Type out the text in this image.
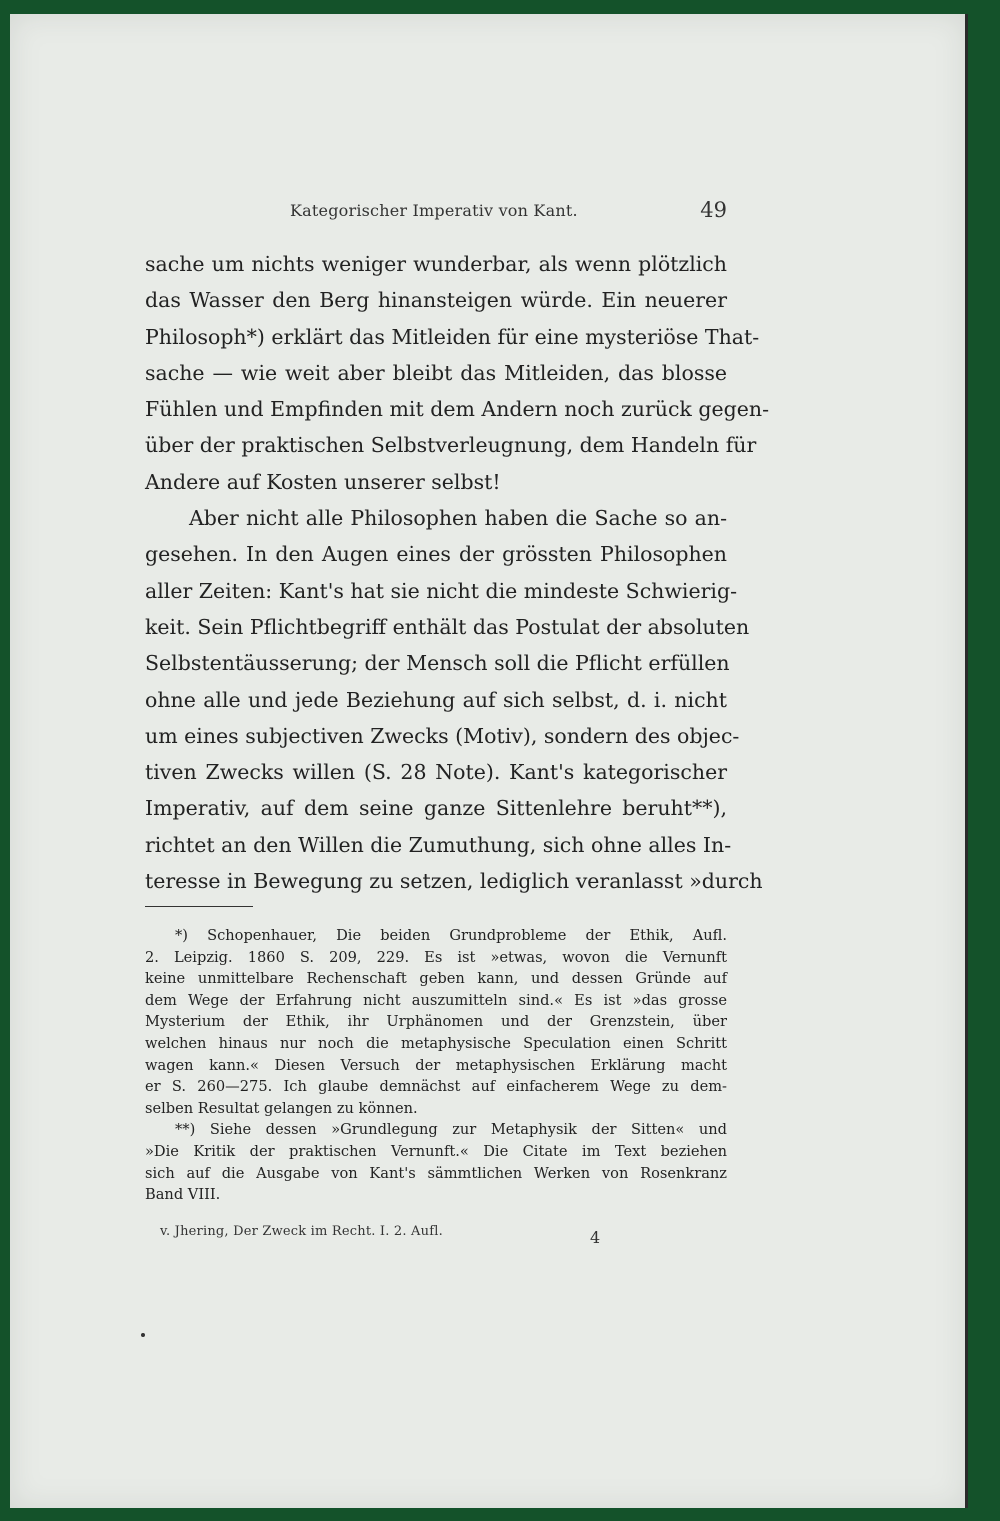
Kategorischer Imperativ von Kant.	49
sache um nichts weniger wunderbar, als wenn plötzlich
das Wasser den Berg hinansteigen würde. Ein neuerer
Philosoph*) erklärt das Mitleiden für eine mysteriöse That-
sache — wie weit aber bleibt das Mitleiden, das blosse
Fühlen und Empfinden mit dem Andern noch zurück gegen-
über der praktischen Selbstverleugnung, dem Handeln für
Andere auf Kosten unserer selbst!
Aber nicht alle Philosophen haben die Sache so an-
gesehen. In den Augen eines der grössten Philosophen
aller Zeiten: Kant's hat sie nicht die mindeste Schwierig-
keit. Sein Pflichtbegriff enthält das Postulat der absoluten
Selbstentäusserung; der Mensch soll die Pflicht erfüllen
ohne alle und jede Beziehung auf sich selbst, d. i. nicht
um eines subjectiven Zwecks (Motiv), sondern des objec-
tiven Zwecks willen (S. 28 Note). Kant's kategorischer
Imperativ, auf dem seine ganze Sittenlehre beruht**),
richtet an den Willen die Zumuthung, sich ohne alles In-
teresse in Bewegung zu setzen, lediglich veranlasst »durch
*) Schopenhauer, Die beiden Grundprobleme der Ethik, Aufl.
2. Leipzig. 1860 S. 209, 229. Es ist »etwas, wovon die Vernunft
keine unmittelbare Rechenschaft geben kann, und dessen Gründe auf
dem Wege der Erfahrung nicht auszumitteln sind.« Es ist »das grosse
Mysterium der Ethik, ihr Urphänomen und der Grenzstein, über
welchen hinaus nur noch die metaphysische Speculation einen Schritt
wagen kann.« Diesen Versuch der metaphysischen Erklärung macht
er S. 260—275. Ich glaube demnächst auf einfacherem Wege zu dem-
selben Resultat gelangen zu können.
**) Siehe dessen »Grundlegung zur Metaphysik der Sitten« und
»Die Kritik der praktischen Vernunft.« Die Citate im Text beziehen
sich auf die Ausgabe von Kant's sämmtlichen Werken von Rosenkranz
Band VIII.
v. Jhering, Der Zweck im Recht. I. 2. Aufl.	4
